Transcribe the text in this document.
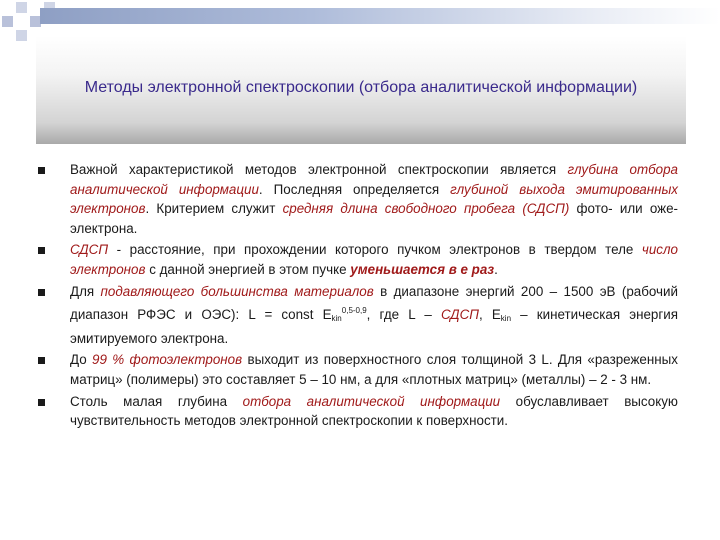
Методы электронной спектроскопии (отбора аналитической информации)
Важной характеристикой методов электронной спектроскопии является глубина отбора аналитической информации. Последняя определяется глубиной выхода эмитированных электронов. Критерием служит средняя длина свободного пробега (СДСП) фото- или оже-электрона.
СДСП - расстояние, при прохождении которого пучком электронов в твердом теле число электронов с данной энергией в этом пучке уменьшается в е раз.
Для подавляющего большинства материалов в диапазоне энергий 200 – 1500 эВ (рабочий диапазон РФЭС и ОЭС): L = const $E_{kin}^{0,5-0,9}$, где L – СДСП, $E_{kin}$ – кинетическая энергия эмитируемого электрона.
До 99 % фотоэлектронов выходит из поверхностного слоя толщиной 3 L. Для «разреженных матриц» (полимеры) это составляет 5 – 10 нм, а для «плотных матриц» (металлы) – 2 - 3 нм.
Столь малая глубина отбора аналитической информации обуславливает высокую чувствительность методов электронной спектроскопии к поверхности.
